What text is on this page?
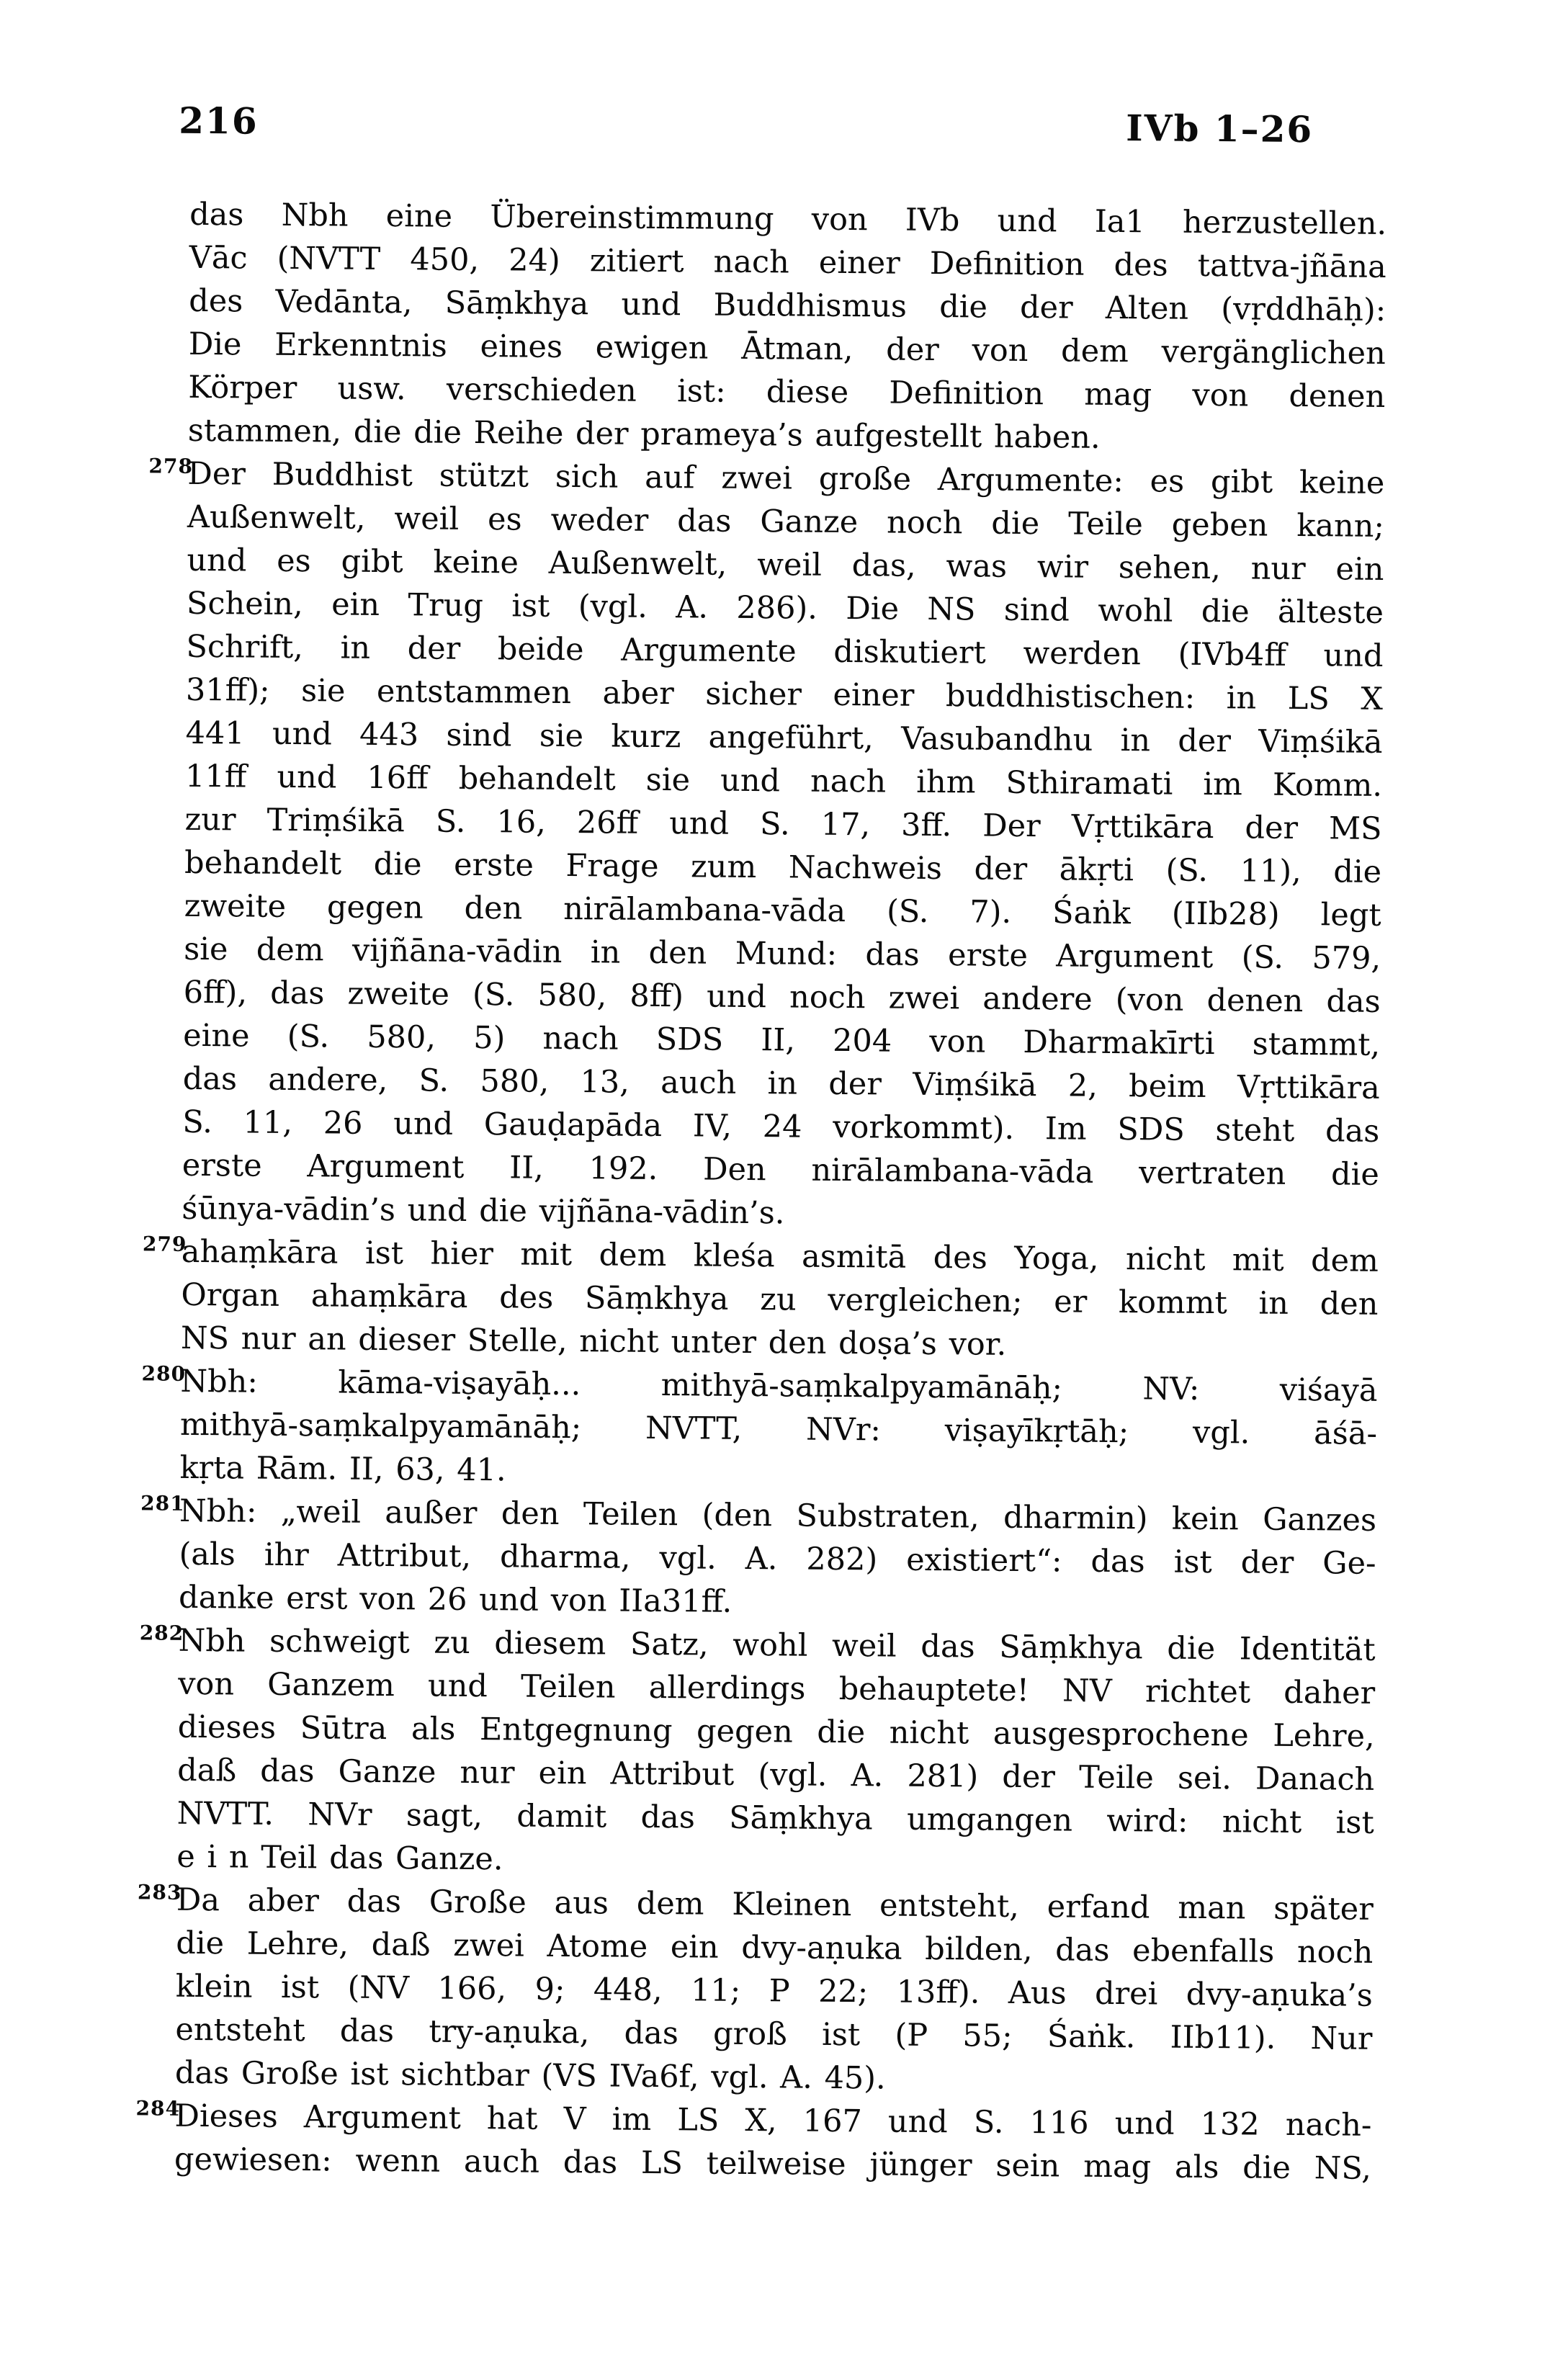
216	IVb 1–26
das Nbh eine Übereinstimmung von IVb und Ia1 herzustellen.
Vāc (NVTT 450, 24) zitiert nach einer Definition des tattva-jñāna
des Vedānta, Sāṃkhya und Buddhismus die der Alten (vṛddhāḥ):
Die Erkenntnis eines ewigen Ātman, der von dem vergänglichen
Körper usw. verschieden ist: diese Definition mag von denen
stammen, die die Reihe der prameya’s aufgestellt haben.
278
Der Buddhist stützt sich auf zwei große Argumente: es gibt keine
Außenwelt, weil es weder das Ganze noch die Teile geben kann;
und es gibt keine Außenwelt, weil das, was wir sehen, nur ein
Schein, ein Trug ist (vgl. A. 286). Die NS sind wohl die älteste
Schrift, in der beide Argumente diskutiert werden (IVb4ff und
31ff); sie entstammen aber sicher einer buddhistischen: in LS X
441 und 443 sind sie kurz angeführt, Vasubandhu in der Viṃśikā
11ff und 16ff behandelt sie und nach ihm Sthiramati im Komm.
zur Triṃśikā S. 16, 26ff und S. 17, 3ff. Der Vṛttikāra der MS
behandelt die erste Frage zum Nachweis der ākṛti (S. 11), die
zweite gegen den nirālambana-vāda (S. 7). Śaṅk (IIb28) legt
sie dem vijñāna-vādin in den Mund: das erste Argument (S. 579,
6ff), das zweite (S. 580, 8ff) und noch zwei andere (von denen das
eine (S. 580, 5) nach SDS II, 204 von Dharmakīrti stammt,
das andere, S. 580, 13, auch in der Viṃśikā 2, beim Vṛttikāra
S. 11, 26 und Gauḍapāda IV, 24 vorkommt). Im SDS steht das
erste Argument II, 192. Den nirālambana-vāda vertraten die
śūnya-vādin’s und die vijñāna-vādin’s.
279
ahaṃkāra ist hier mit dem kleśa asmitā des Yoga, nicht mit dem
Organ ahaṃkāra des Sāṃkhya zu vergleichen; er kommt in den
NS nur an dieser Stelle, nicht unter den doṣa’s vor.
280
Nbh: kāma-viṣayāḥ... mithyā-saṃkalpyamānāḥ; NV: viśayā
mithyā-saṃkalpyamānāḥ; NVTT, NVr: viṣayīkṛtāḥ; vgl. āśā-
kṛta Rām. II, 63, 41.
281
Nbh: „weil außer den Teilen (den Substraten, dharmin) kein Ganzes
(als ihr Attribut, dharma, vgl. A. 282) existiert“: das ist der Ge-
danke erst von 26 und von IIa31ff.
282
Nbh schweigt zu diesem Satz, wohl weil das Sāṃkhya die Identität
von Ganzem und Teilen allerdings behauptete! NV richtet daher
dieses Sūtra als Entgegnung gegen die nicht ausgesprochene Lehre,
daß das Ganze nur ein Attribut (vgl. A. 281) der Teile sei. Danach
NVTT. NVr sagt, damit das Sāṃkhya umgangen wird: nicht ist
e i n Teil das Ganze.
283
Da aber das Große aus dem Kleinen entsteht, erfand man später
die Lehre, daß zwei Atome ein dvy-aṇuka bilden, das ebenfalls noch
klein ist (NV 166, 9; 448, 11; P 22; 13ff). Aus drei dvy-aṇuka’s
entsteht das try-aṇuka, das groß ist (P 55; Śaṅk. IIb11). Nur
das Große ist sichtbar (VS IVa6f, vgl. A. 45).
284
Dieses Argument hat V im LS X, 167 und S. 116 und 132 nach-
gewiesen: wenn auch das LS teilweise jünger sein mag als die NS,
